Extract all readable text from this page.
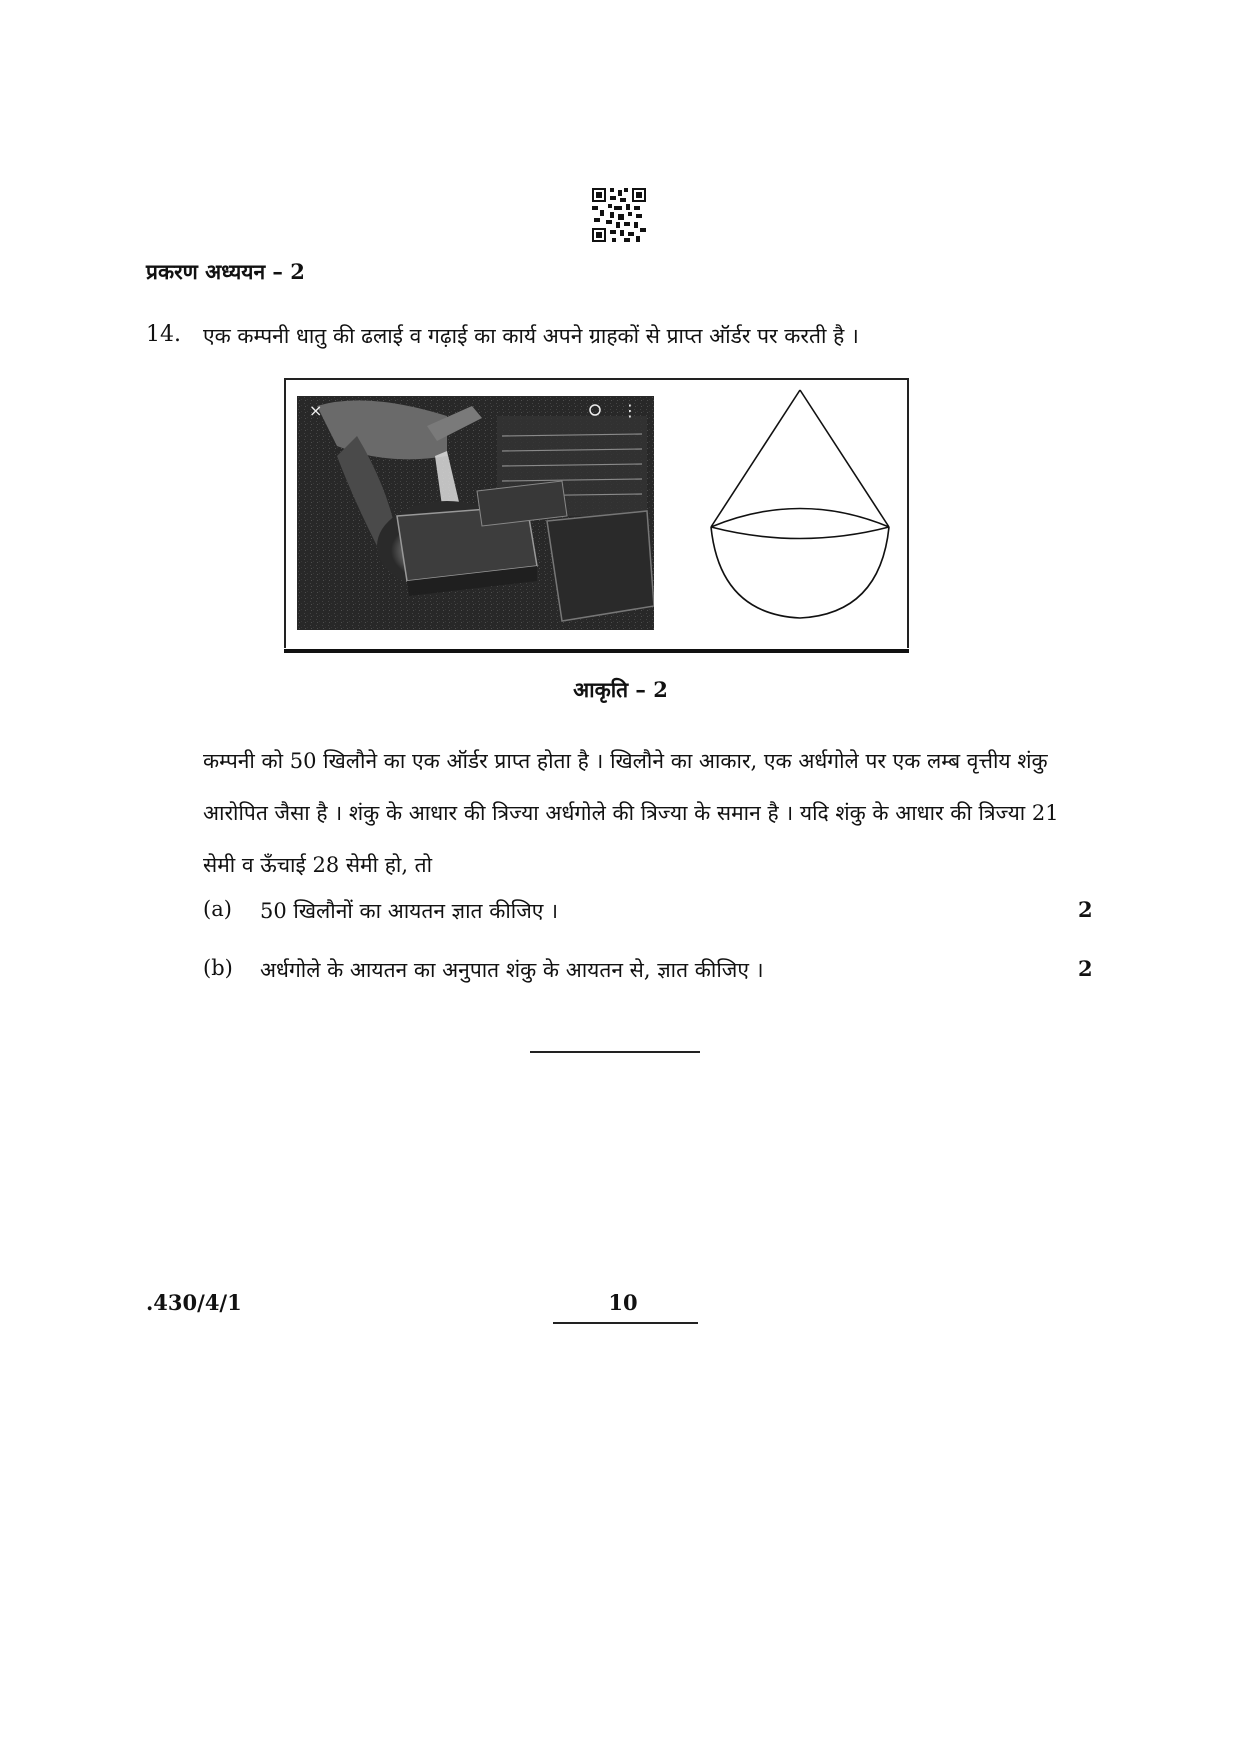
प्रकरण अध्ययन – 2
14. एक कम्पनी धातु की ढलाई व गढ़ाई का कार्य अपने ग्राहकों से प्राप्त ऑर्डर पर करती है ।
×	⋮
आकृति – 2
कम्पनी को 50 खिलौने का एक ऑर्डर प्राप्त होता है । खिलौने का आकार, एक अर्धगोले पर एक लम्ब वृत्तीय शंकु आरोपित जैसा है । शंकु के आधार की त्रिज्या अर्धगोले की त्रिज्या के समान है । यदि शंकु के आधार की त्रिज्या 21 सेमी व ऊँचाई 28 सेमी हो, तो
(a) 50 खिलौनों का आयतन ज्ञात कीजिए ।	2
(b) अर्धगोले के आयतन का अनुपात शंकु के आयतन से, ज्ञात कीजिए ।	2
.430/4/1	10
